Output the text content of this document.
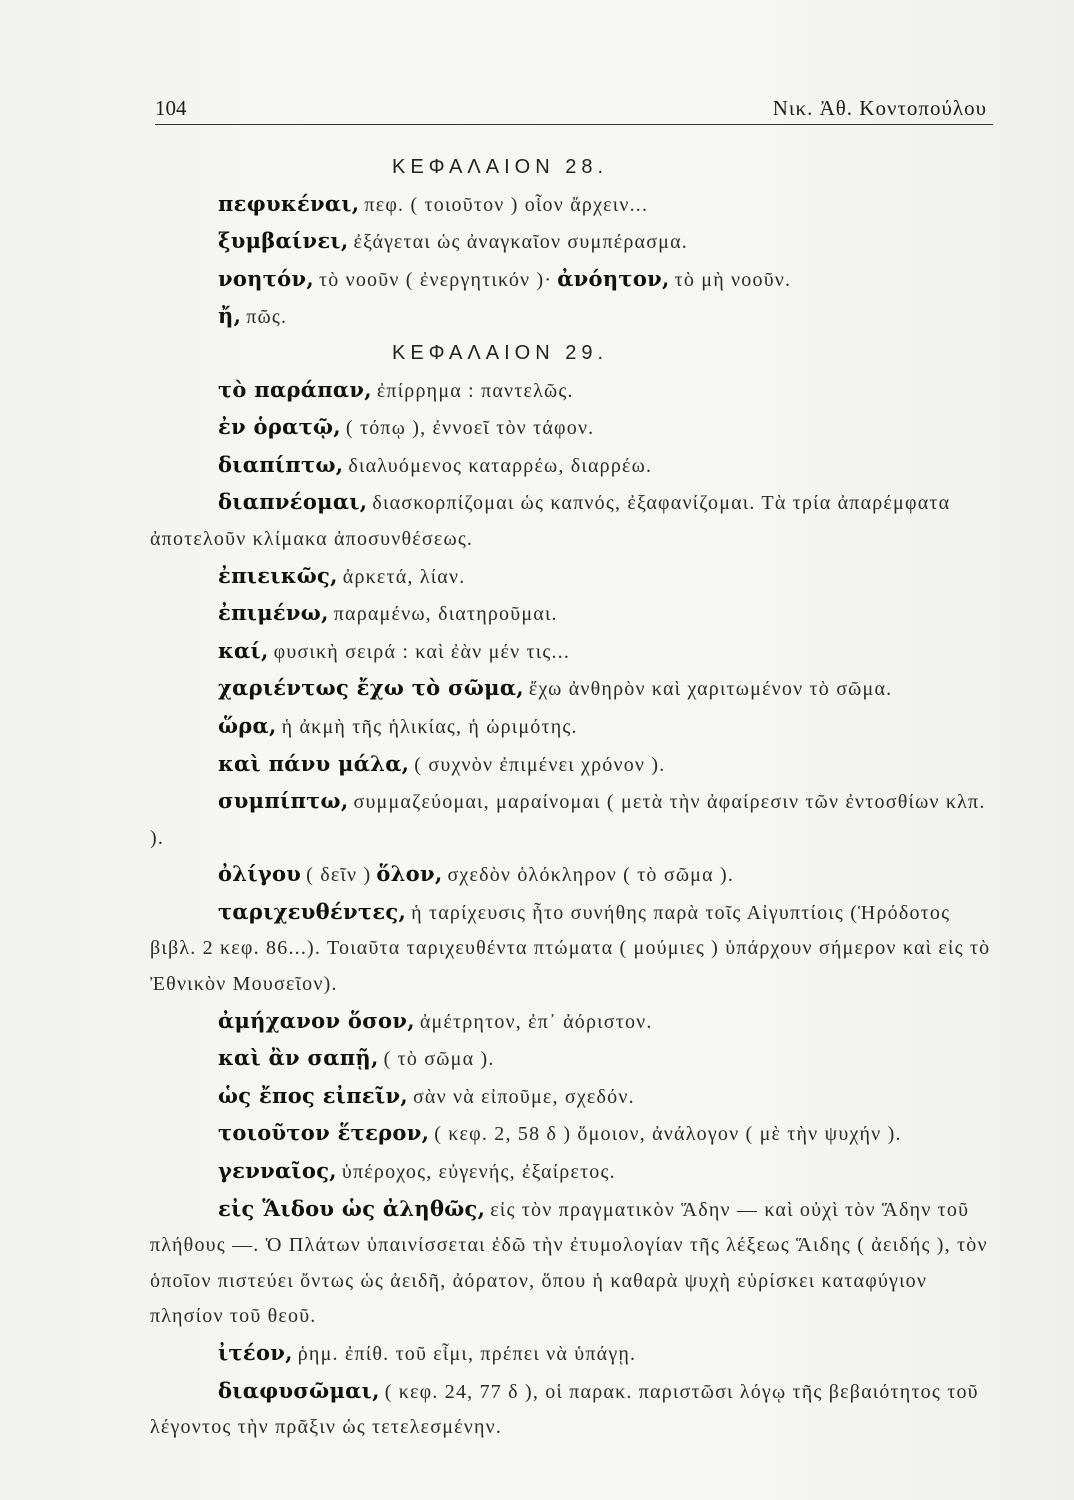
104	Νικ. Ἀθ. Κοντοπούλου

ΚΕΦΑΛΑΙΟΝ 28.

πεφυκέναι, πεφ. ( τοιοῦτον ) οἷον ἄρχειν...

ξυμβαίνει, ἐξάγεται ὡς ἀναγκαῖον συμπέρασμα.

νοητόν, τὸ νοοῦν ( ἐνεργητικόν )· ἀνόητον, τὸ μὴ νοοῦν.

ἤ, πῶς.

ΚΕΦΑΛΑΙΟΝ 29.

τὸ παράπαν, ἐπίρρημα : παντελῶς.

ἐν ὁρατῷ, ( τόπῳ ), ἐννοεῖ τὸν τάφον.

διαπίπτω, διαλυόμενος καταρρέω, διαρρέω.

διαπνέομαι, διασκορπίζομαι ὡς καπνός, ἐξαφανίζομαι. Τὰ τρία ἀπαρέμφατα ἀποτελοῦν κλίμακα ἀποσυνθέσεως.

ἐπιεικῶς, ἀρκετά, λίαν.

ἐπιμένω, παραμένω, διατηροῦμαι.

καί, φυσικὴ σειρά : καὶ ἐὰν μέν τις...

χαριέντως ἔχω τὸ σῶμα, ἔχω ἀνθηρὸν καὶ χαριτωμένον τὸ σῶμα.

ὥρα, ἡ ἀκμὴ τῆς ἡλικίας, ἡ ὡριμότης.

καὶ πάνυ μάλα, ( συχνὸν ἐπιμένει χρόνον ).

συμπίπτω, συμμαζεύομαι, μαραίνομαι ( μετὰ τὴν ἀφαίρεσιν τῶν ἐντοσθίων κλπ. ).

ὀλίγου ( δεῖν ) ὅλον, σχεδὸν ὁλόκληρον ( τὸ σῶμα ).

ταριχευθέντες, ἡ ταρίχευσις ἦτο συνήθης παρὰ τοῖς Αἰγυπτίοις (Ἡρόδοτος βιβλ. 2 κεφ. 86...). Τοιαῦτα ταριχευθέντα πτώματα ( μούμιες ) ὑπάρχουν σήμερον καὶ εἰς τὸ Ἐθνικὸν Μουσεῖον).

ἀμήχανον ὅσον, ἀμέτρητον, ἐπ᾽ ἀόριστον.

καὶ ἂν σαπῇ, ( τὸ σῶμα ).

ὡς ἔπος εἰπεῖν, σὰν νὰ εἰποῦμε, σχεδόν.

τοιοῦτον ἕτερον, ( κεφ. 2, 58 δ ) ὅμοιον, ἀνάλογον ( μὲ τὴν ψυχήν ).

γενναῖος, ὑπέροχος, εὐγενής, ἐξαίρετος.

εἰς Ἅιδου ὡς ἀληθῶς, εἰς τὸν πραγματικὸν Ἅδην — καὶ οὐχὶ τὸν Ἅδην τοῦ πλήθους —. Ὁ Πλάτων ὑπαινίσσεται ἐδῶ τὴν ἐτυμολογίαν τῆς λέξεως Ἅιδης ( ἀειδής ), τὸν ὁποῖον πιστεύει ὄντως ὡς ἀειδῆ, ἀόρατον, ὅπου ἡ καθαρὰ ψυχὴ εὑρίσκει καταφύγιον πλησίον τοῦ θεοῦ.

ἰτέον, ῥημ. ἐπίθ. τοῦ εἶμι, πρέπει νὰ ὑπάγῃ.

διαφυσῶμαι, ( κεφ. 24, 77 δ ), οἱ παρακ. παριστῶσι λόγῳ τῆς βεβαιότητος τοῦ λέγοντος τὴν πρᾶξιν ὡς τετελεσμένην.
